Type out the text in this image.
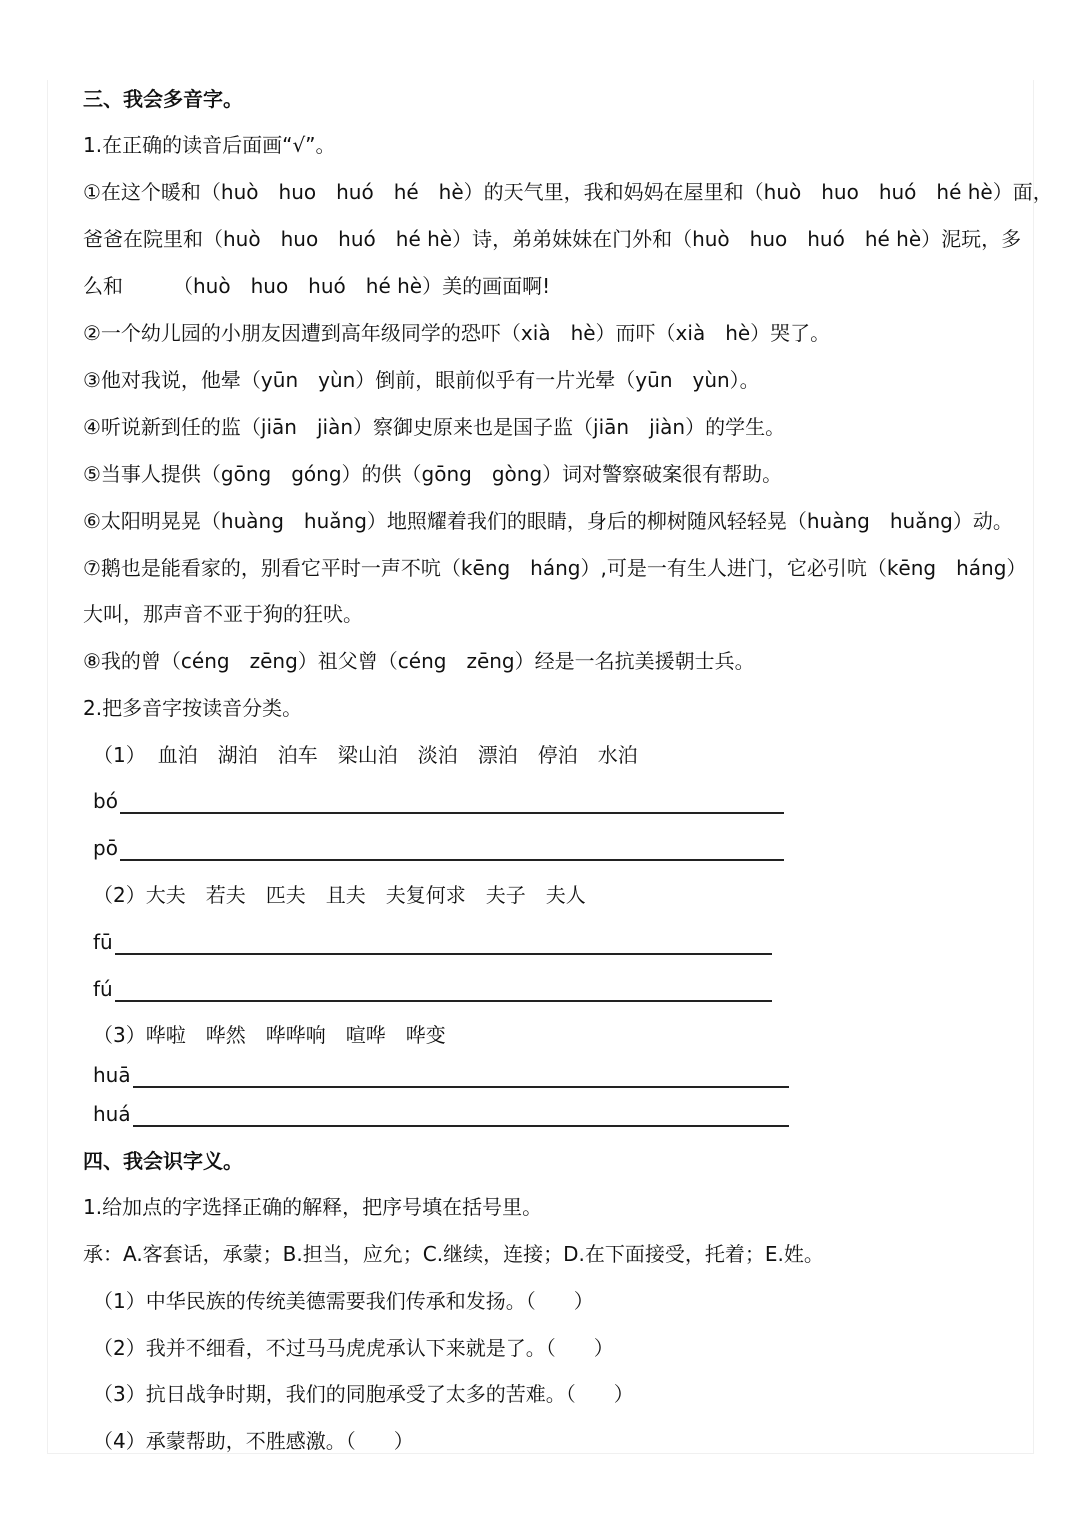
三、我会多音字。
1.在正确的读音后面画“√”。
①在这个暖和（huò　huo　huó　hé　hè）的天气里，我和妈妈在屋里和（huò　huo　huó　hé hè）面，
爸爸在院里和（huò　huo　huó　hé hè）诗，弟弟妹妹在门外和（huò　huo　huó　hé hè）泥玩，多
么和	（huò　huo　huó　hé hè）美的画面啊!
②一个幼儿园的小朋友因遭到高年级同学的恐吓（xià　hè）而吓（xià　hè）哭了。
③他对我说，他晕（yūn　yùn）倒前，眼前似乎有一片光晕（yūn　yùn）。
④听说新到任的监（jiān　jiàn）察御史原来也是国子监（jiān　jiàn）的学生。
⑤当事人提供（gōng　góng）的供（gōng　gòng）词对警察破案很有帮助。
⑥太阳明晃晃（huàng　huǎng）地照耀着我们的眼睛，身后的柳树随风轻轻晃（huàng　huǎng）动。
⑦鹅也是能看家的，别看它平时一声不吭（kēng　háng）,可是一有生人进门，它必引吭（kēng　háng）
大叫，那声音不亚于狗的狂吠。
⑧我的曾（céng　zēng）祖父曾（céng　zēng）经是一名抗美援朝士兵。
2.把多音字按读音分类。
（1） 血泊　湖泊　泊车　梁山泊　淡泊　漂泊　停泊　水泊
bó
pō
（2）大夫　若夫　匹夫　且夫　夫复何求　夫子　夫人
fū
fú
（3）哗啦　哗然　哗哗响　喧哗　哗变
huā
huá
四、我会识字义。
1.给加点的字选择正确的解释，把序号填在括号里。
承：A.客套话，承蒙；B.担当，应允；C.继续，连接；D.在下面接受，托着；E.姓。
（1）中华民族的传统美德需要我们传承和发扬。（ ）
（2）我并不细看，不过马马虎虎承认下来就是了。（ ）
（3）抗日战争时期，我们的同胞承受了太多的苦难。（ ）
（4）承蒙帮助，不胜感激。（ ）
